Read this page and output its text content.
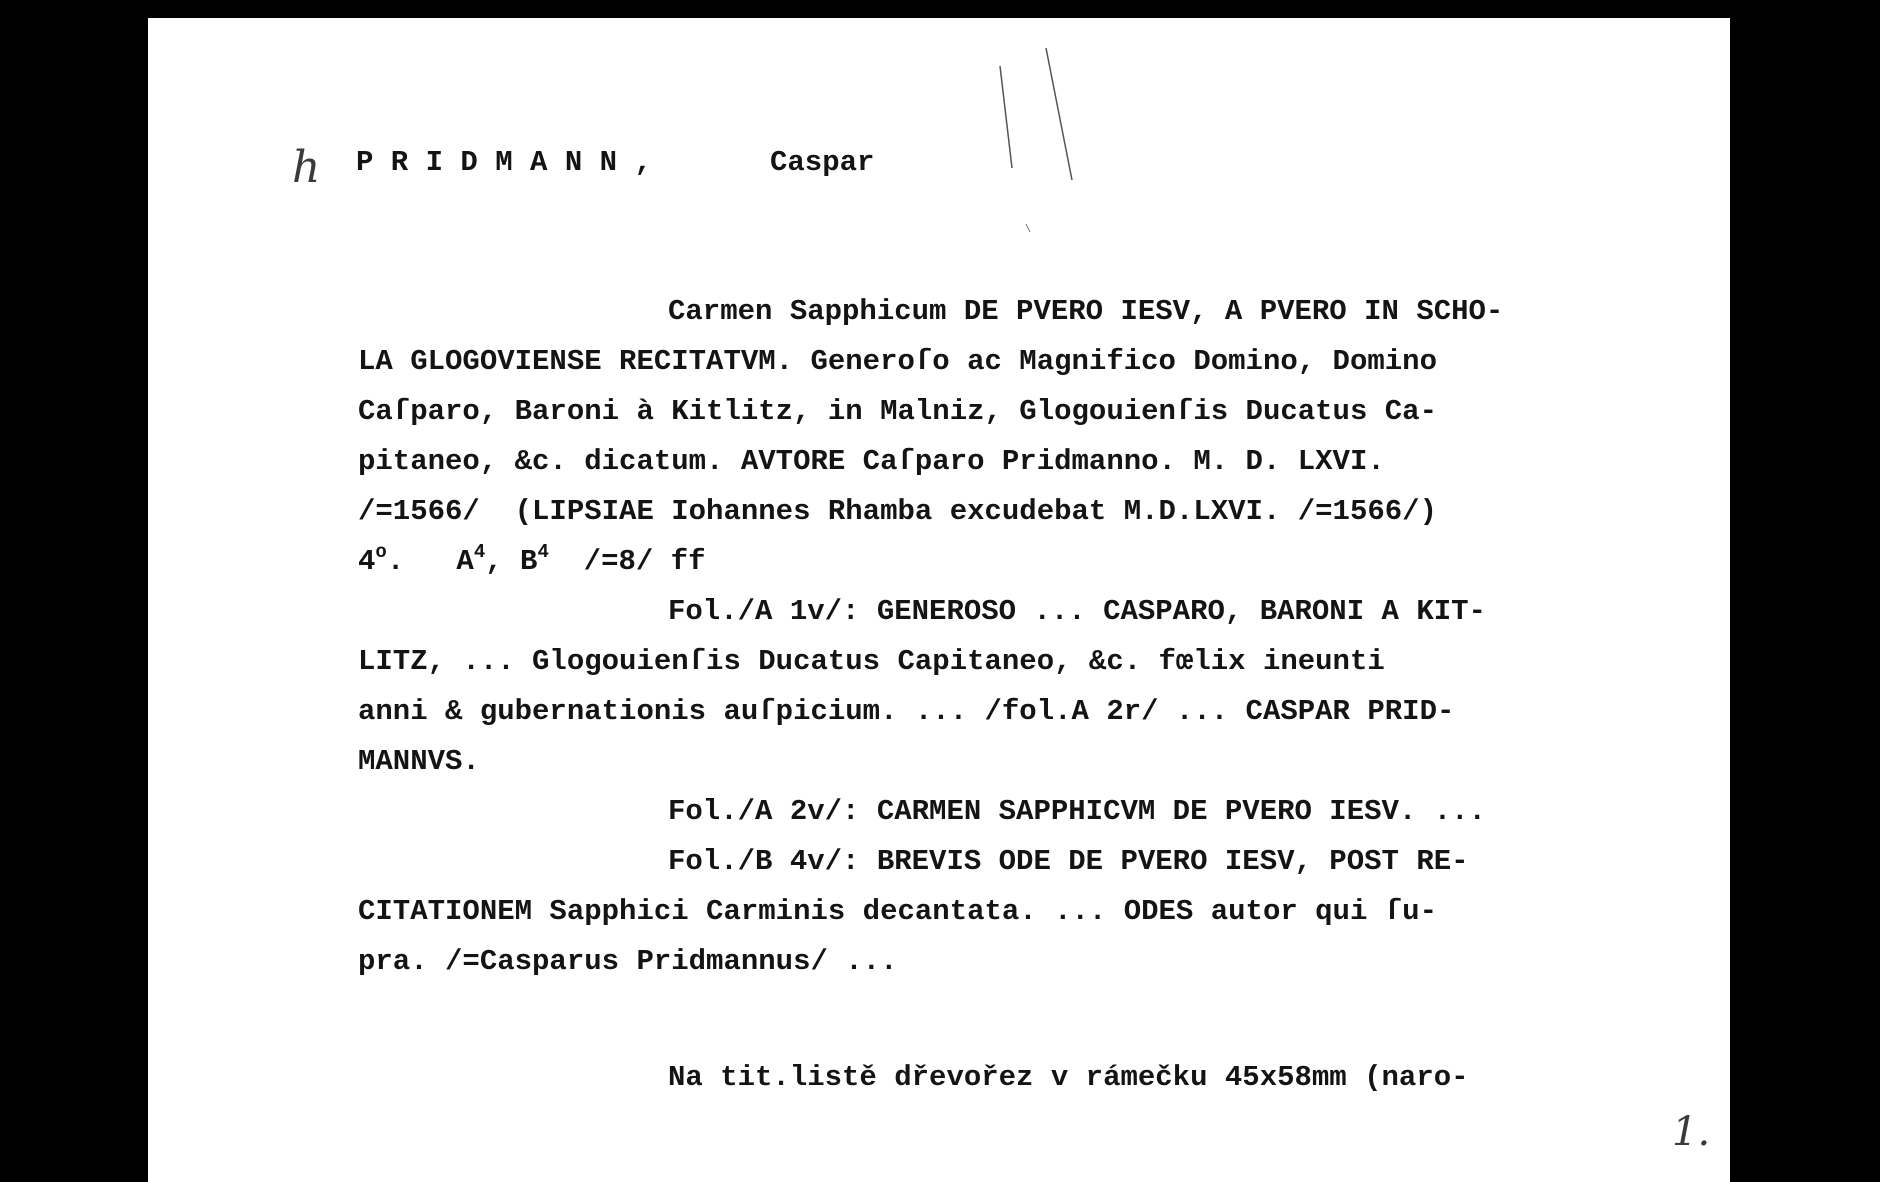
h P R I D M A N N ,	Caspar
Carmen Sapphicum DE PVERO IESV, A PVERO IN SCHO-
LA GLOGOVIENSE RECITATVM. Generoſo ac Magnifico Domino, Domino
Caſparo, Baroni à Kitlitz, in Malniz, Glogouienſis Ducatus Ca-
pitaneo, &c. dicatum. AVTORE Caſparo Pridmanno. M. D. LXVI.
/=1566/  (LIPSIAE Iohannes Rhamba excudebat M.D.LXVI. /=1566/)
4$^o$.   $A^4$, $B^4$  /=8/ ff
Fol./A 1v/: GENEROSO ... CASPARO, BARONI A KIT-
LITZ, ... Glogouienſis Ducatus Capitaneo, &c. fœlix ineunti
anni & gubernationis auſpicium. ... /fol.A 2r/ ... CASPAR PRID-
MANNVS.
Fol./A 2v/: CARMEN SAPPHICVM DE PVERO IESV. ...
Fol./B 4v/: BREVIS ODE DE PVERO IESV, POST RE-
CITATIONEM Sapphici Carminis decantata. ... ODES autor qui ſu-
pra. /=Casparus Pridmannus/ ...
Na tit.listě dřevořez v rámečku 45x58mm (naro-
1.
